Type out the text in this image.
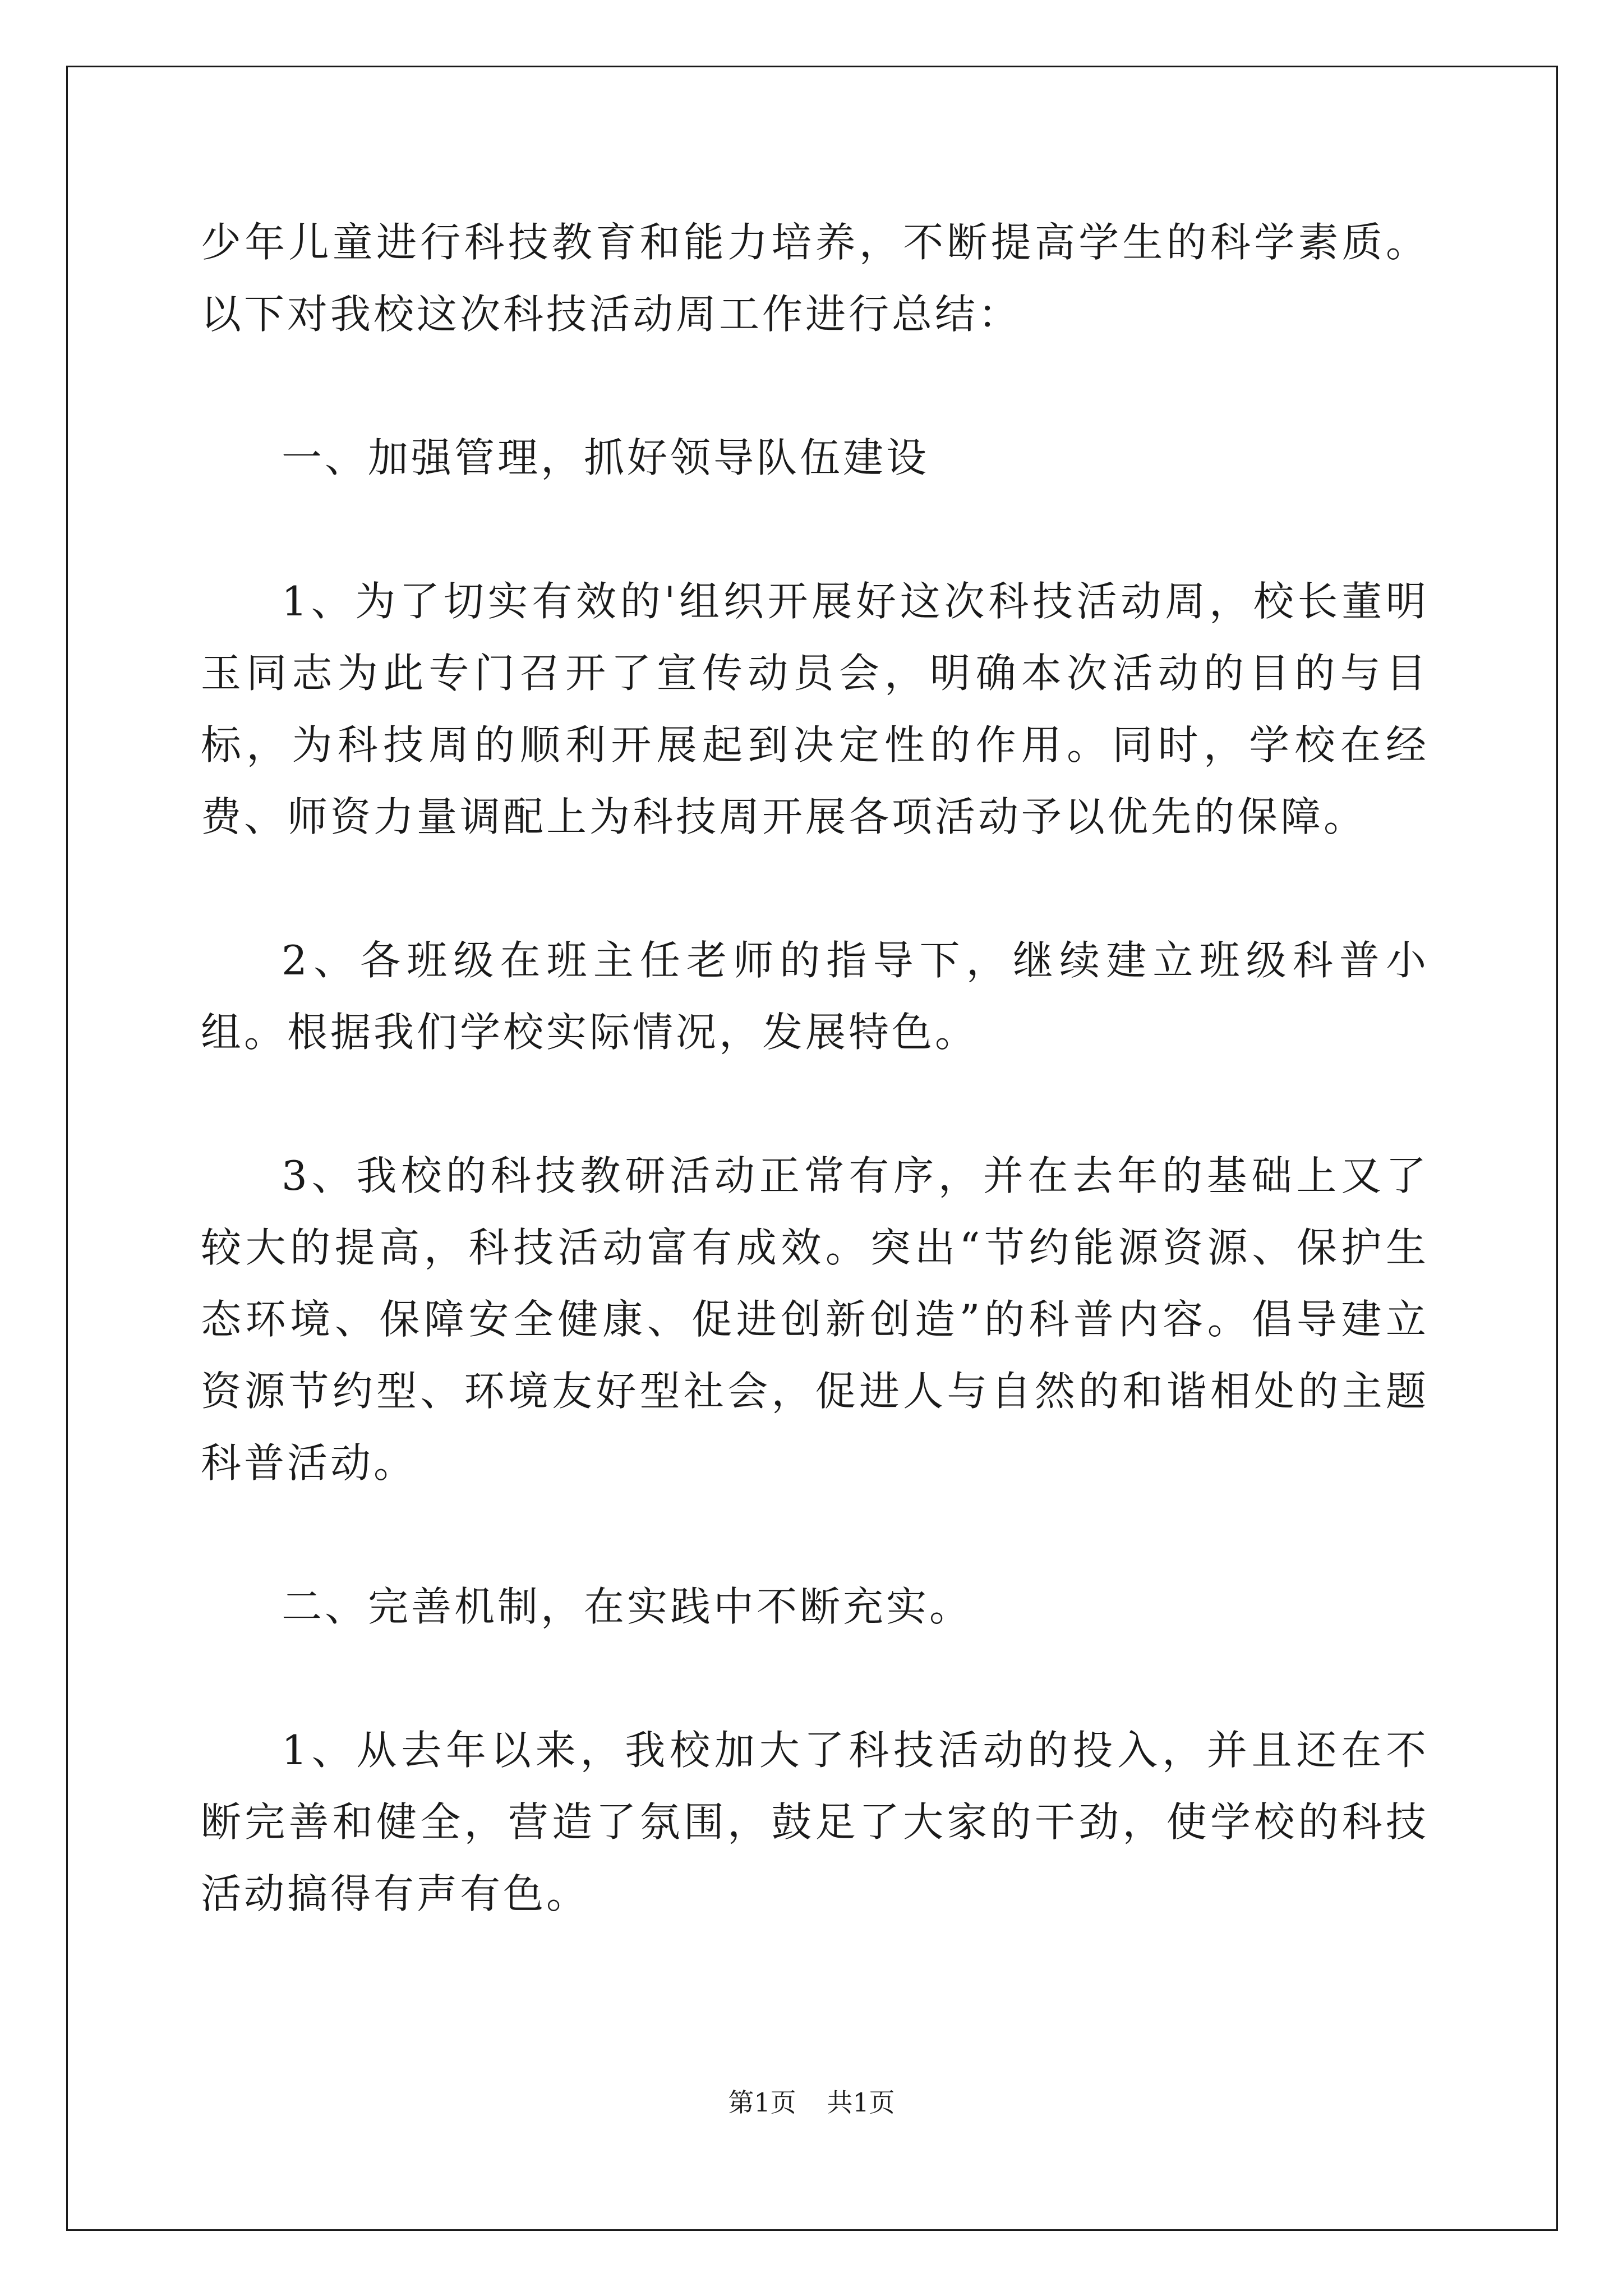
少年儿童进行科技教育和能力培养，不断提高学生的科学素质。以下对我校这次科技活动周工作进行总结：

一、加强管理，抓好领导队伍建设

1、为了切实有效的'组织开展好这次科技活动周，校长董明玉同志为此专门召开了宣传动员会，明确本次活动的目的与目标，为科技周的顺利开展起到决定性的作用。同时，学校在经费、师资力量调配上为科技周开展各项活动予以优先的保障。

2、各班级在班主任老师的指导下，继续建立班级科普小组。根据我们学校实际情况，发展特色。

3、我校的科技教研活动正常有序，并在去年的基础上又了较大的提高，科技活动富有成效。突出“节约能源资源、保护生态环境、保障安全健康、促进创新创造”的科普内容。倡导建立资源节约型、环境友好型社会，促进人与自然的和谐相处的主题科普活动。

二、完善机制，在实践中不断充实。

1、从去年以来，我校加大了科技活动的投入，并且还在不断完善和健全，营造了氛围，鼓足了大家的干劲，使学校的科技活动搞得有声有色。

第1页 共1页
